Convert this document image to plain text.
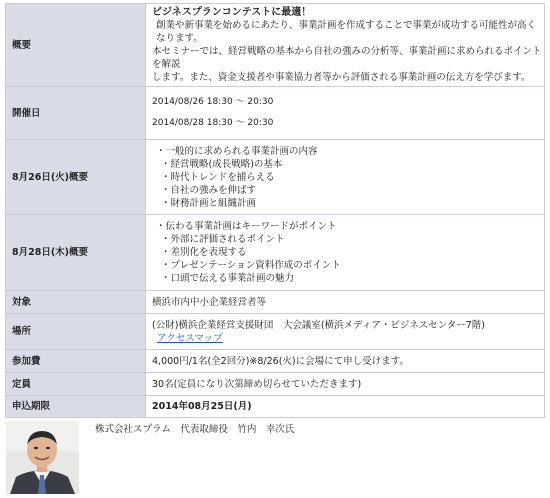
概要	ビジネスプランコンテストに最適！

創業や新事業を始めるにあたり、事業計画を作成することで事業が成功する可能性が高くなります。
本セミナーでは、経営戦略の基本から自社の強みの分析等、事業計画に求められるポイントを解説
します。また、資金支援者や事業協力者等から評価される事業計画の伝え方を学びます。

開催日	2014/08/26 18:30 〜 20:30
2014/08/28 18:30 〜 20:30

8月26日(火)概要	・一般的に求められる事業計画の内容
・経営戦略(成長戦略)の基本
・時代トレンドを捕らえる
・自社の強みを伸ばす
・財務計画と組織計画

8月28日(木)概要	・伝わる事業計画はキーワードがポイント
・外部に評価されるポイント
・差別化を表現する
・プレゼンテーション資料作成のポイント
・口頭で伝える事業計画の魅力

対象	横浜市内中小企業経営者等
場所	(公財)横浜企業経営支援財団　大会議室(横浜メディア・ビジネスセンター7階)
アクセスマップ
参加費	4,000円/1名(全2回分)※8/26(火)に会場にて申し受けます。
定員	30名(定員になり次第締め切らせていただきます)
申込期限	2014年08月25日(月)
株式会社スプラム　代表取締役　竹内　幸次氏
